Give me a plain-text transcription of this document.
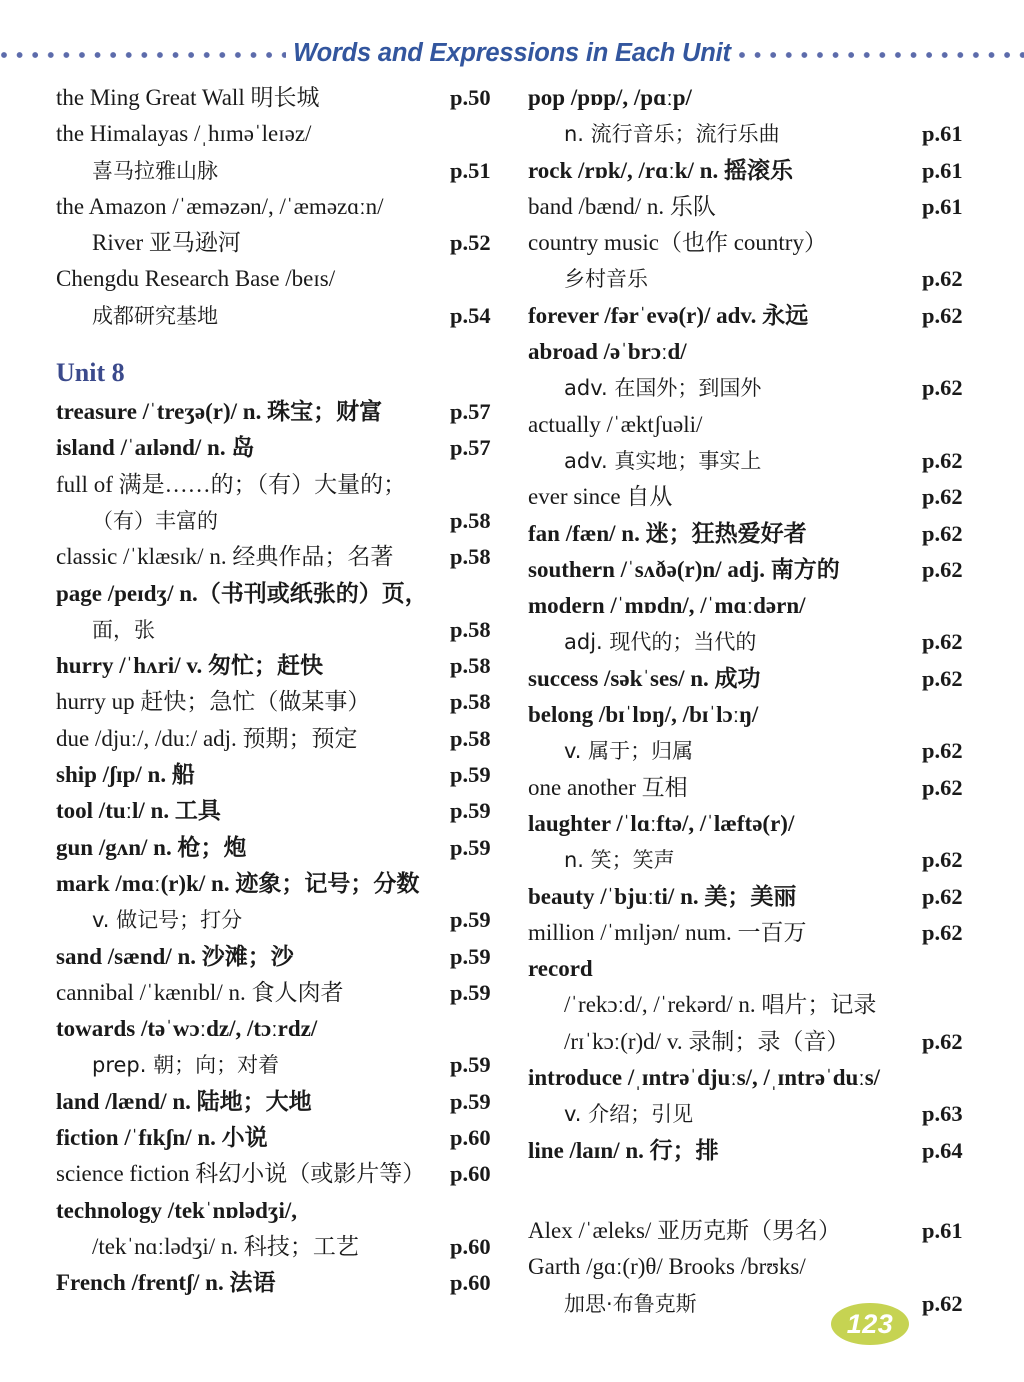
Words and Expressions in Each Unit
the Ming Great Wall 明长城	p.50
the Himalayas /ˌhɪməˈleɪəz/
喜马拉雅山脉	p.51
the Amazon /ˈæməzən/, /ˈæməzɑːn/
River 亚马逊河	p.52
Chengdu Research Base /beɪs/
成都研究基地	p.54
Unit 8
treasure /ˈtreʒə(r)/ n. 珠宝；财富	p.57
island /ˈaɪlənd/ n. 岛	p.57
full of 满是……的；（有）大量的；
（有）丰富的	p.58
classic /ˈklæsɪk/ n. 经典作品；名著	p.58
page /peɪdʒ/ n.（书刊或纸张的）页，
面，张	p.58
hurry /ˈhʌri/ v. 匆忙；赶快	p.58
hurry up 赶快；急忙（做某事）	p.58
due /djuː/, /duː/ adj. 预期；预定	p.58
ship /ʃɪp/ n. 船	p.59
tool /tuːl/ n. 工具	p.59
gun /gʌn/ n. 枪；炮	p.59
mark /mɑː(r)k/ n. 迹象；记号；分数
v. 做记号；打分	p.59
sand /sænd/ n. 沙滩；沙	p.59
cannibal /ˈkænɪbl/ n. 食人肉者	p.59
towards /təˈwɔːdz/, /tɔːrdz/
prep. 朝；向；对着	p.59
land /lænd/ n. 陆地；大地	p.59
fiction /ˈfɪkʃn/ n. 小说	p.60
science fiction 科幻小说（或影片等） p.60
technology /tekˈnɒlədʒi/,
/tekˈnɑːlədʒi/ n. 科技；工艺	p.60
French /frentʃ/ n. 法语	p.60
pop /pɒp/, /pɑːp/
n. 流行音乐；流行乐曲	p.61
rock /rɒk/, /rɑːk/ n. 摇滚乐	p.61
band /bænd/ n. 乐队	p.61
country music（也作 country）
乡村音乐	p.62
forever /fərˈevə(r)/ adv. 永远	p.62
abroad /əˈbrɔːd/
adv. 在国外；到国外	p.62
actually /ˈæktʃuəli/
adv. 真实地；事实上	p.62
ever since 自从	p.62
fan /fæn/ n. 迷；狂热爱好者	p.62
southern /ˈsʌðə(r)n/ adj. 南方的	p.62
modern /ˈmɒdn/, /ˈmɑːdərn/
adj. 现代的；当代的	p.62
success /səkˈses/ n. 成功	p.62
belong /bɪˈlɒŋ/, /bɪˈlɔːŋ/
v. 属于；归属	p.62
one another 互相	p.62
laughter /ˈlɑːftə/, /ˈlæftə(r)/
n. 笑；笑声	p.62
beauty /ˈbjuːti/ n. 美；美丽	p.62
million /ˈmɪljən/ num. 一百万	p.62
record
/ˈrekɔːd/, /ˈrekərd/ n. 唱片；记录
/rɪˈkɔː(r)d/ v. 录制；录（音）	p.62
introduce /ˌɪntrəˈdjuːs/, /ˌɪntrəˈduːs/
v. 介绍；引见	p.63
line /laɪn/ n. 行；排	p.64
Alex /ˈæleks/ 亚历克斯（男名）	p.61
Garth /gɑː(r)θ/ Brooks /brʊks/
加思·布鲁克斯	p.62
123
